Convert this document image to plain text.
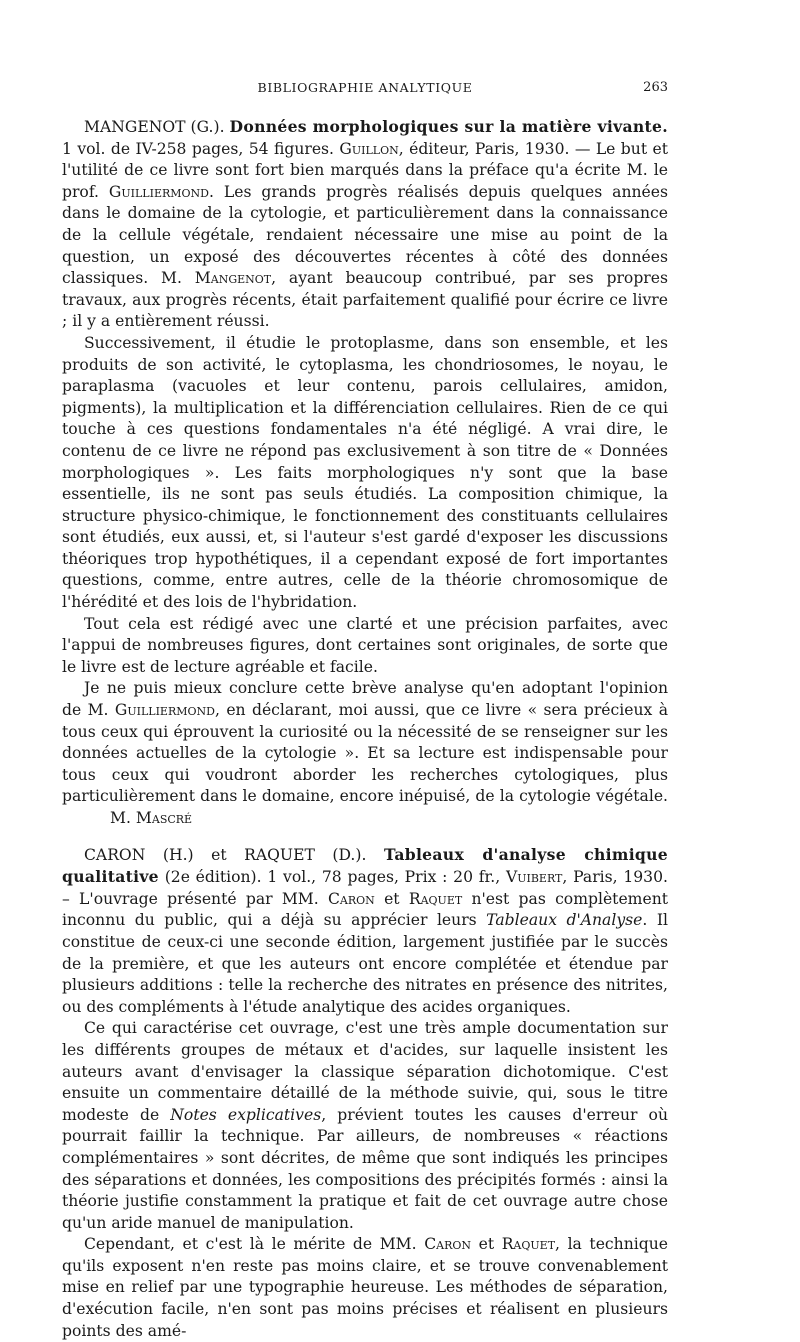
BIBLIOGRAPHIE ANALYTIQUE	263

MANGENOT (G.). Données morphologiques sur la matière vivante. 1 vol. de IV-258 pages, 54 figures. Guillon, éditeur, Paris, 1930. — Le but et l'utilité de ce livre sont fort bien marqués dans la préface qu'a écrite M. le prof. Guilliermond. Les grands progrès réalisés depuis quelques années dans le domaine de la cytologie, et particulièrement dans la connaissance de la cellule végétale, rendaient nécessaire une mise au point de la question, un exposé des découvertes récentes à côté des données classiques. M. Mangenot, ayant beaucoup contribué, par ses propres travaux, aux progrès récents, était parfaitement qualifié pour écrire ce livre ; il y a entièrement réussi.

Successivement, il étudie le protoplasme, dans son ensemble, et les produits de son activité, le cytoplasma, les chondriosomes, le noyau, le paraplasma (vacuoles et leur contenu, parois cellulaires, amidon, pigments), la multiplication et la différenciation cellulaires. Rien de ce qui touche à ces questions fondamentales n'a été négligé. A vrai dire, le contenu de ce livre ne répond pas exclusivement à son titre de « Données morphologiques ». Les faits morphologiques n'y sont que la base essentielle, ils ne sont pas seuls étudiés. La composition chimique, la structure physico-chimique, le fonctionnement des constituants cellulaires sont étudiés, eux aussi, et, si l'auteur s'est gardé d'exposer les discussions théoriques trop hypothétiques, il a cependant exposé de fort importantes questions, comme, entre autres, celle de la théorie chromosomique de l'hérédité et des lois de l'hybridation.

Tout cela est rédigé avec une clarté et une précision parfaites, avec l'appui de nombreuses figures, dont certaines sont originales, de sorte que le livre est de lecture agréable et facile.

Je ne puis mieux conclure cette brève analyse qu'en adoptant l'opinion de M. Guilliermond, en déclarant, moi aussi, que ce livre « sera précieux à tous ceux qui éprouvent la curiosité ou la nécessité de se renseigner sur les données actuelles de la cytologie ». Et sa lecture est indispensable pour tous ceux qui voudront aborder les recherches cytologiques, plus particulièrement dans le domaine, encore inépuisé, de la cytologie végétale. M. Mascré

CARON (H.) et RAQUET (D.). Tableaux d'analyse chimique qualitative (2e édition). 1 vol., 78 pages, Prix : 20 fr., Vuibert, Paris, 1930. – L'ouvrage présenté par MM. Caron et Raquet n'est pas complètement inconnu du public, qui a déjà su apprécier leurs Tableaux d'Analyse. Il constitue de ceux-ci une seconde édition, largement justifiée par le succès de la première, et que les auteurs ont encore complétée et étendue par plusieurs additions : telle la recherche des nitrates en présence des nitrites, ou des compléments à l'étude analytique des acides organiques.

Ce qui caractérise cet ouvrage, c'est une très ample documentation sur les différents groupes de métaux et d'acides, sur laquelle insistent les auteurs avant d'envisager la classique séparation dichotomique. C'est ensuite un commentaire détaillé de la méthode suivie, qui, sous le titre modeste de Notes explicatives, prévient toutes les causes d'erreur où pourrait faillir la technique. Par ailleurs, de nombreuses « réactions complémentaires » sont décrites, de même que sont indiqués les principes des séparations et données, les compositions des précipités formés : ainsi la théorie justifie constamment la pratique et fait de cet ouvrage autre chose qu'un aride manuel de manipulation.

Cependant, et c'est là le mérite de MM. Caron et Raquet, la technique qu'ils exposent n'en reste pas moins claire, et se trouve convenablement mise en relief par une typographie heureuse. Les méthodes de séparation, d'exécution facile, n'en sont pas moins précises et réalisent en plusieurs points des amé-
